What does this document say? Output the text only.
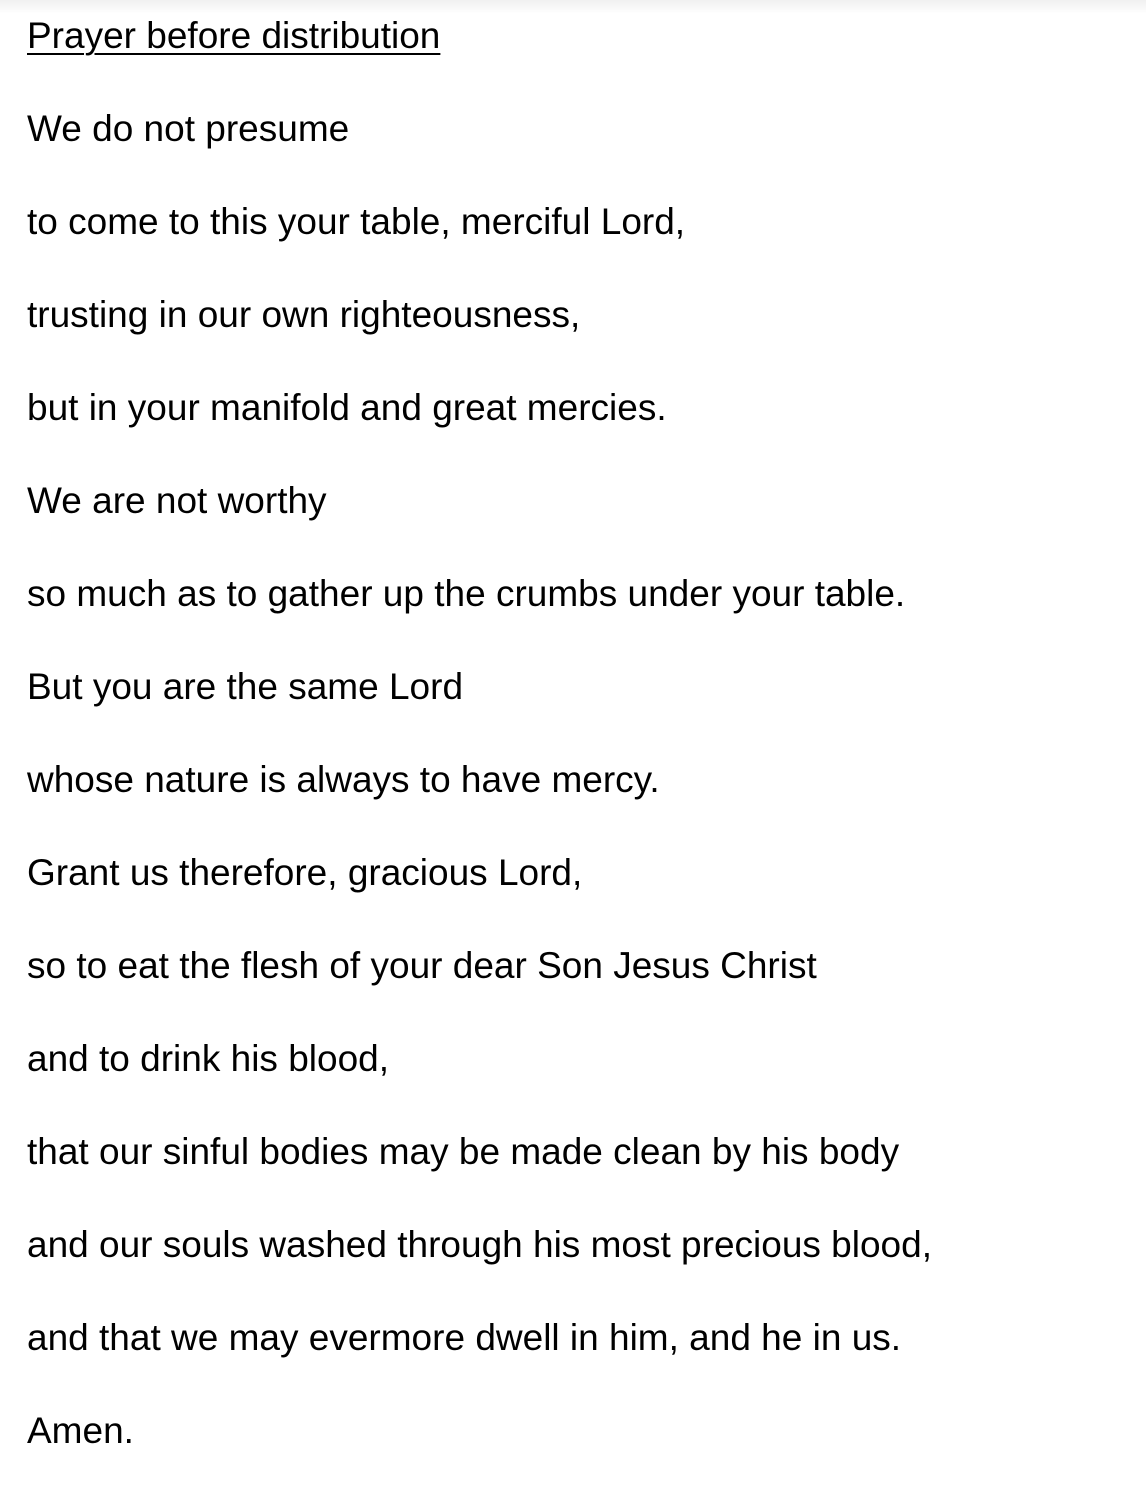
Prayer before distribution
We do not presume
to come to this your table, merciful Lord,
trusting in our own righteousness,
but in your manifold and great mercies.
We are not worthy
so much as to gather up the crumbs under your table.
But you are the same Lord
whose nature is always to have mercy.
Grant us therefore, gracious Lord,
so to eat the flesh of your dear Son Jesus Christ
and to drink his blood,
that our sinful bodies may be made clean by his body
and our souls washed through his most precious blood,
and that we may evermore dwell in him, and he in us.
Amen.
